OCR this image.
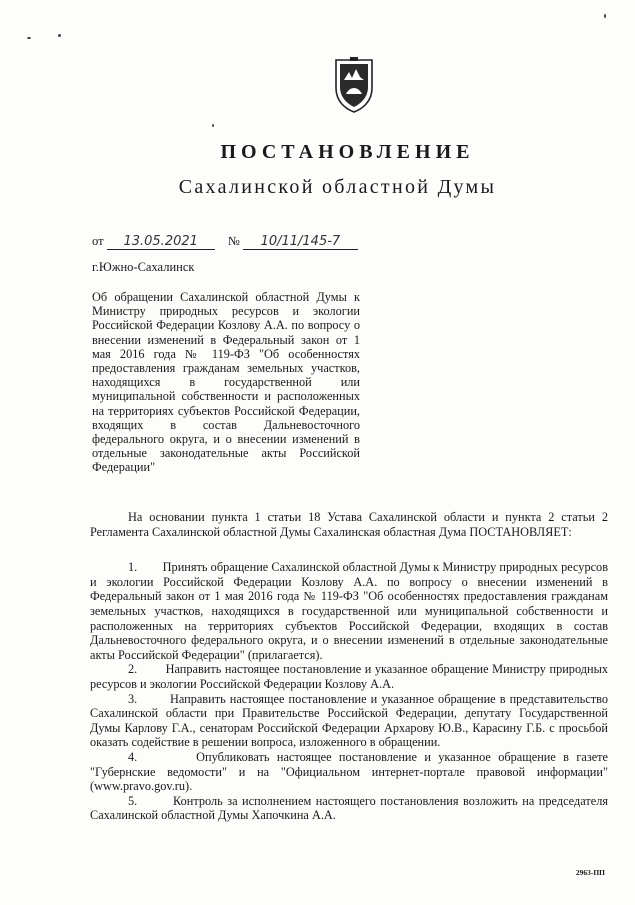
ПОСТАНОВЛЕНИЕ
Сахалинской областной Думы
от 13.05.2021 № 10/11/145-7
г.Южно-Сахалинск
Об обращении Сахалинской областной Думы к Министру природных ресурсов и экологии Российской Федерации Козлову А.А. по вопросу о внесении изменений в Федеральный закон от 1 мая 2016 года № 119-ФЗ "Об особенностях предоставления гражданам земельных участков, находящихся в государственной или муниципальной собственности и расположенных на территориях субъектов Российской Федерации, входящих в состав Дальневосточного федерального округа, и о внесении изменений в отдельные законодательные акты Российской Федерации"

На основании пункта 1 статьи 18 Устава Сахалинской области и пункта 2 статьи 2 Регламента Сахалинской областной Думы Сахалинская областная Дума ПОСТАНОВЛЯЕТ:

1.        Принять обращение Сахалинской областной Думы к Министру природных ресурсов и экологии Российской Федерации Козлову А.А. по вопросу о внесении изменений в Федеральный закон от 1 мая 2016 года № 119-ФЗ "Об особенностях предоставления гражданам земельных участков, находящихся в государственной или муниципальной собственности и расположенных на территориях субъектов Российской Федерации, входящих в состав Дальневосточного федерального округа, и о внесении изменений в отдельные законодательные акты Российской Федерации" (прилагается).

2.        Направить настоящее постановление и указанное обращение Министру природных ресурсов и экологии Российской Федерации Козлову А.А.

3.        Направить настоящее постановление и указанное обращение в представительство Сахалинской области при Правительстве Российской Федерации, депутату Государственной Думы Карлову Г.А., сенаторам Российской Федерации Архарову Ю.В., Карасину Г.Б. с просьбой оказать содействие в решении вопроса, изложенного в обращении.

4.        Опубликовать настоящее постановление и указанное обращение в газете "Губернские ведомости" и на "Официальном интернет-портале правовой информации" (www.pravo.gov.ru).

5.        Контроль за исполнением настоящего постановления возложить на председателя Сахалинской областной Думы Хапочкина А.А.

2963-ПП
